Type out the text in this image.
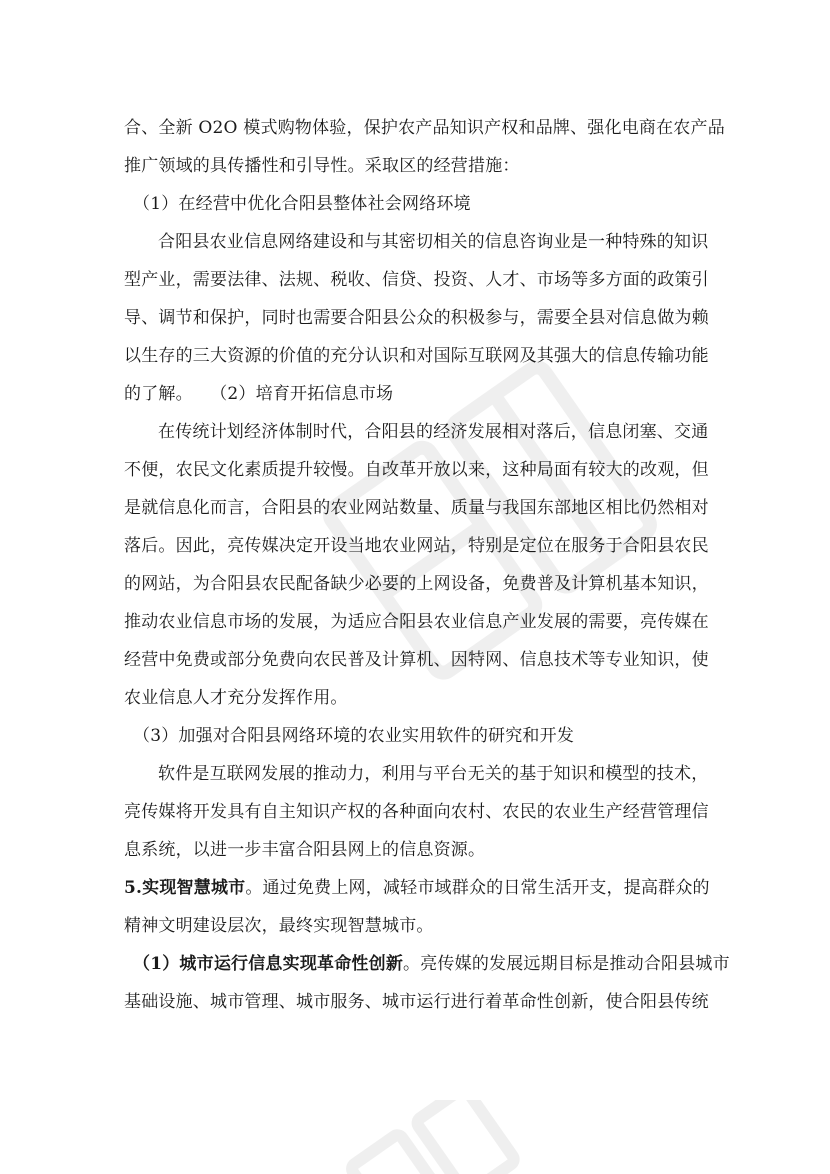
合、全新 O2O 模式购物体验，保护农产品知识产权和品牌、强化电商在农产品
推广领域的具传播性和引导性。采取区的经营措施：
（1）在经营中优化合阳县整体社会网络环境
合阳县农业信息网络建设和与其密切相关的信息咨询业是一种特殊的知识
型产业，需要法律、法规、税收、信贷、投资、人才、市场等多方面的政策引
导、调节和保护，同时也需要合阳县公众的积极参与，需要全县对信息做为赖
以生存的三大资源的价值的充分认识和对国际互联网及其强大的信息传输功能
的了解。　　（2）培育开拓信息市场
在传统计划经济体制时代，合阳县的经济发展相对落后，信息闭塞、交通
不便，农民文化素质提升较慢。自改革开放以来，这种局面有较大的改观，但
是就信息化而言，合阳县的农业网站数量、质量与我国东部地区相比仍然相对
落后。因此，亮传媒决定开设当地农业网站，特别是定位在服务于合阳县农民
的网站，为合阳县农民配备缺少必要的上网设备，免费普及计算机基本知识，
推动农业信息市场的发展，为适应合阳县农业信息产业发展的需要，亮传媒在
经营中免费或部分免费向农民普及计算机、因特网、信息技术等专业知识，使
农业信息人才充分发挥作用。
（3）加强对合阳县网络环境的农业实用软件的研究和开发
软件是互联网发展的推动力，利用与平台无关的基于知识和模型的技术，
亮传媒将开发具有自主知识产权的各种面向农村、农民的农业生产经营管理信
息系统，以进一步丰富合阳县网上的信息资源。
5.实现智慧城市。通过免费上网，减轻市域群众的日常生活开支，提高群众的
精神文明建设层次，最终实现智慧城市。
（1）城市运行信息实现革命性创新。亮传媒的发展远期目标是推动合阳县城市
基础设施、城市管理、城市服务、城市运行进行着革命性创新，使合阳县传统
